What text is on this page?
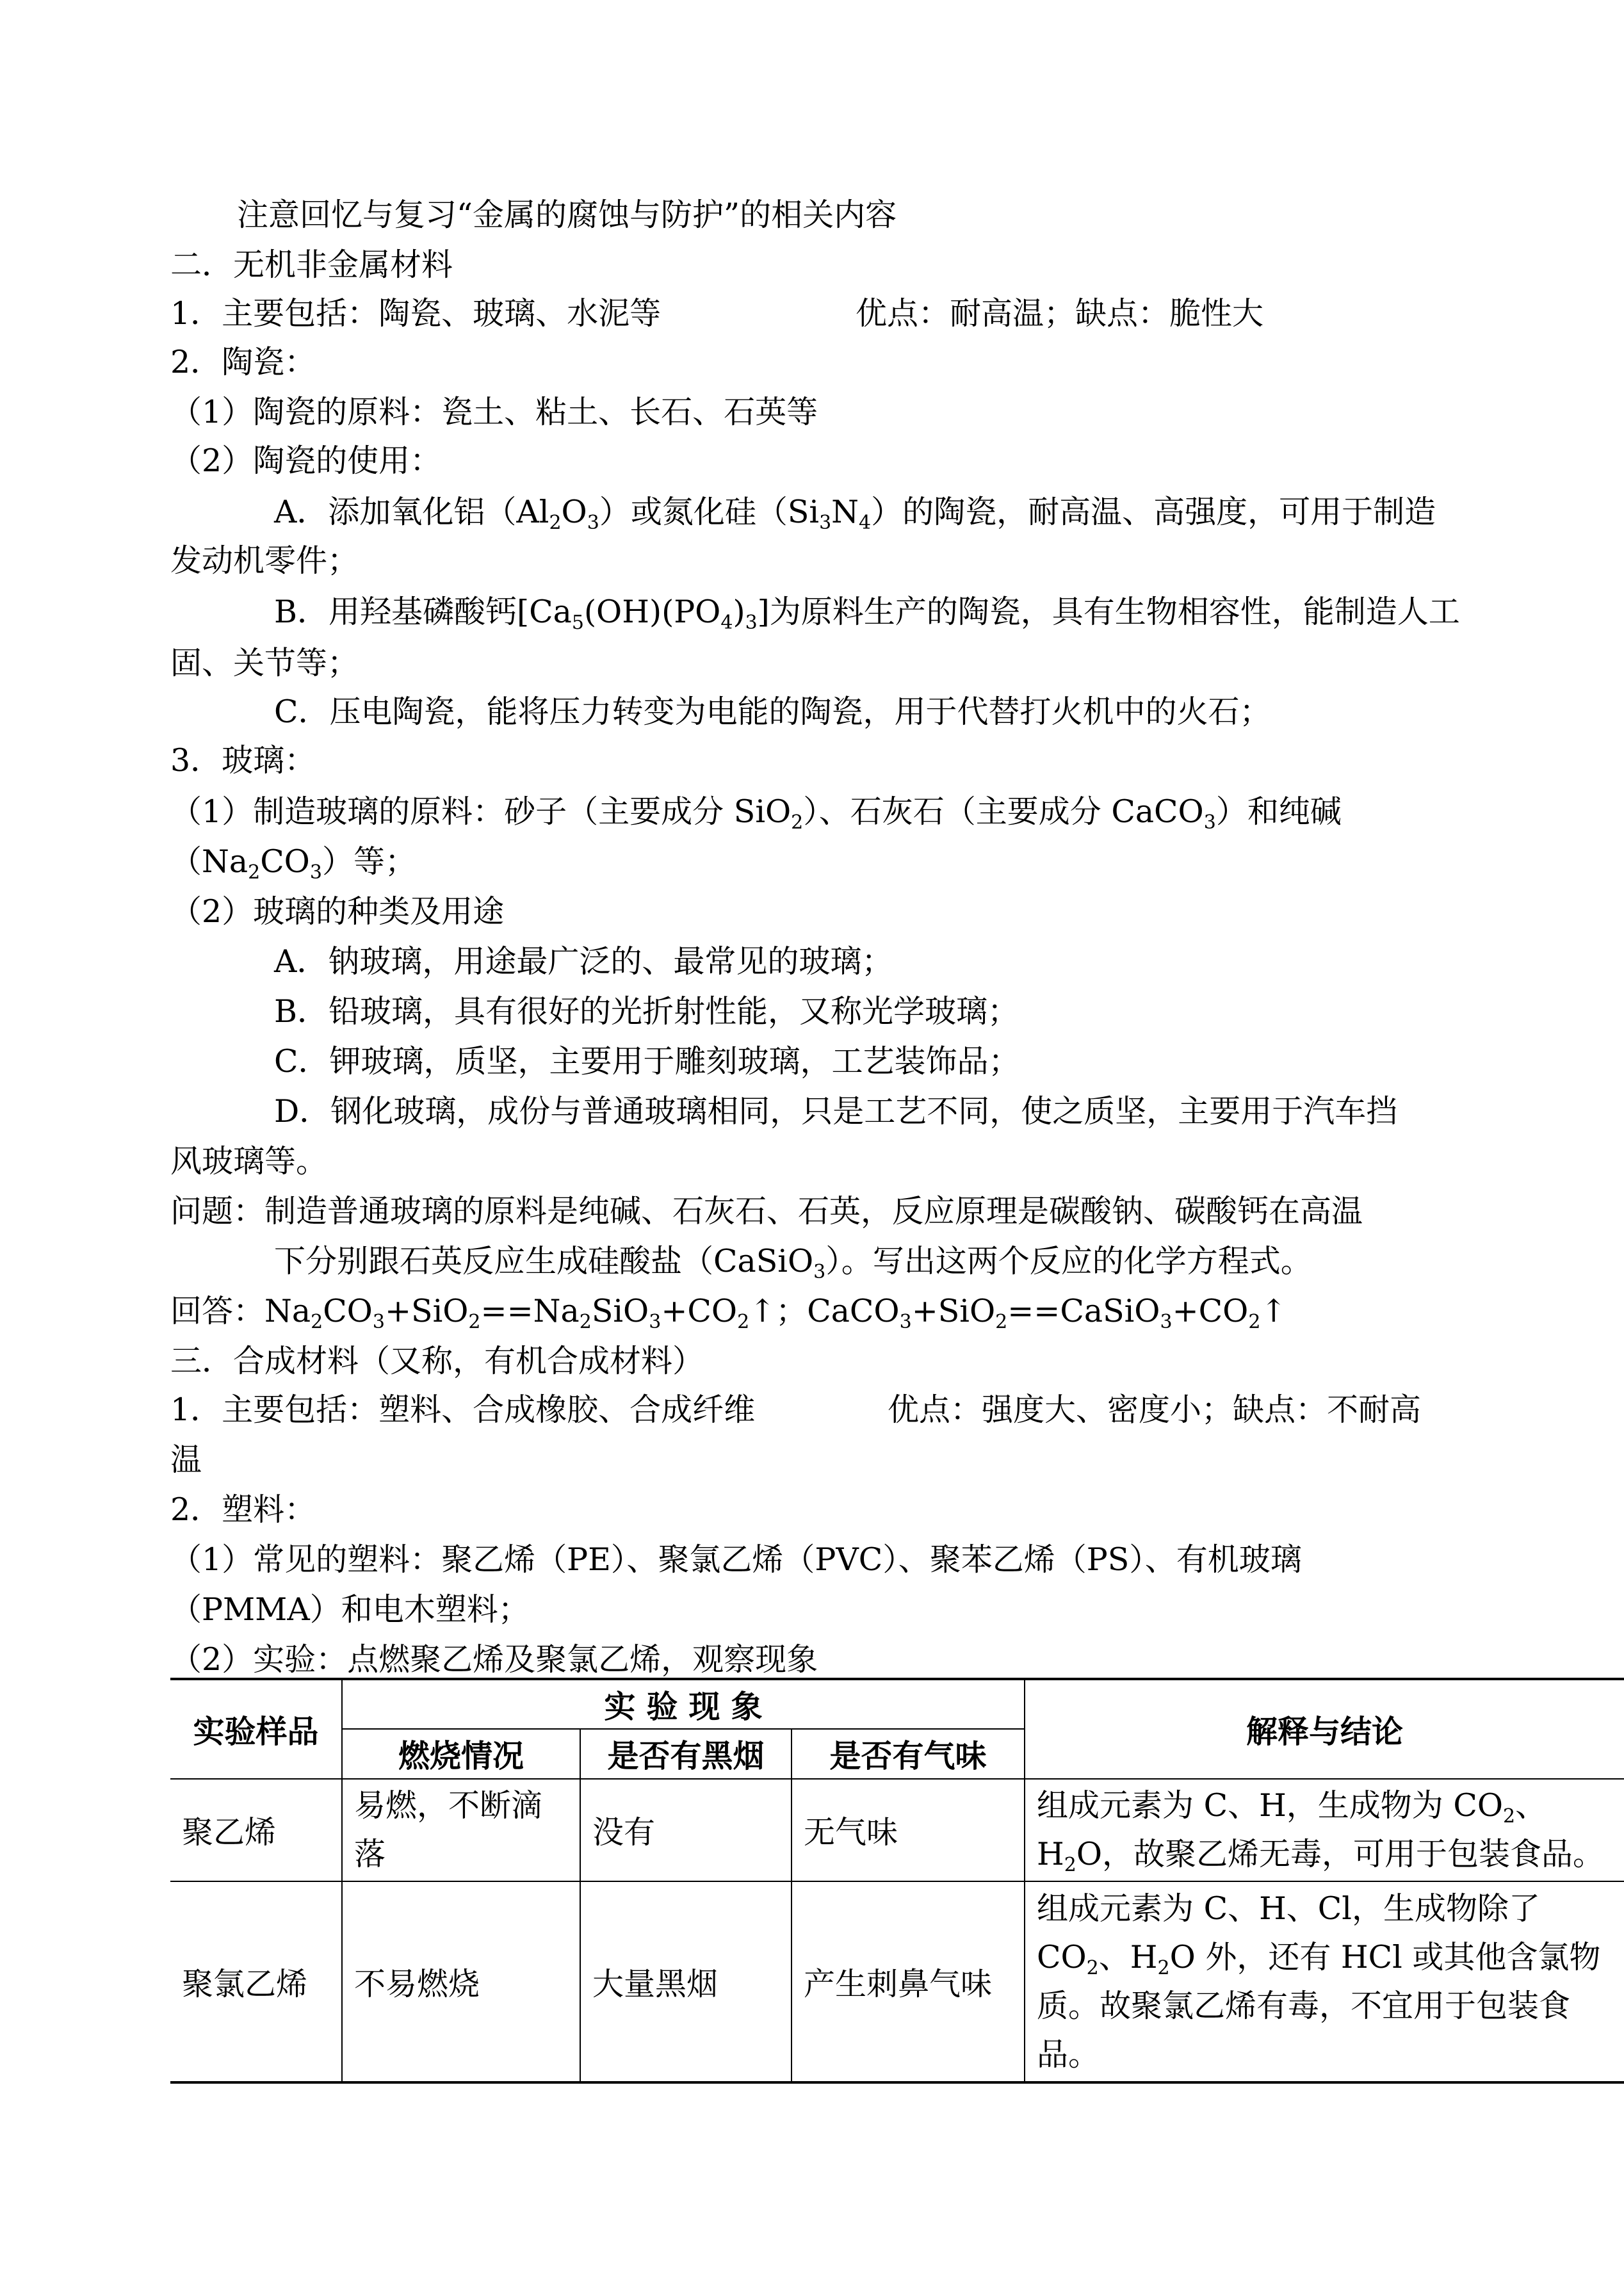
注意回忆与复习“金属的腐蚀与防护”的相关内容
二．无机非金属材料
1．主要包括：陶瓷、玻璃、水泥等	优点：耐高温；缺点：脆性大
2．陶瓷：
（1）陶瓷的原料：瓷土、粘土、长石、石英等
（2）陶瓷的使用：
A．添加氧化铝$(Al_2O_3)$或氮化硅$(Si_3N_4)$的陶瓷，耐高温、高强度，可用于制造
发动机零件；
B．用羟基磷酸钙$[Ca_5(OH)(PO_4)_3]$为原料生产的陶瓷，具有生物相容性，能制造人工
固、关节等；
C．压电陶瓷，能将压力转变为电能的陶瓷，用于代替打火机中的火石；
3．玻璃：
（1）制造玻璃的原料：砂子（主要成分 SiO$_2$）、石灰石（主要成分 CaCO$_3$）和纯碱
$(Na_2CO_3)$等；
（2）玻璃的种类及用途
A．钠玻璃，用途最广泛的、最常见的玻璃；
B．铅玻璃，具有很好的光折射性能，又称光学玻璃；
C．钾玻璃，质坚，主要用于雕刻玻璃，工艺装饰品；
D．钢化玻璃，成份与普通玻璃相同，只是工艺不同，使之质坚，主要用于汽车挡
风玻璃等。
问题：制造普通玻璃的原料是纯碱、石灰石、石英，反应原理是碳酸钠、碳酸钙在高温
下分别跟石英反应生成硅酸盐（CaSiO$_3$）。写出这两个反应的化学方程式。
回答：$Na_2CO_3+SiO_2==Na_2SiO_3+CO_2↑$；$CaCO_3+SiO_2==CaSiO_3+CO_2↑$
三．合成材料（又称，有机合成材料）
1．主要包括：塑料、合成橡胶、合成纤维	优点：强度大、密度小；缺点：不耐高
温
2．塑料：
（1）常见的塑料：聚乙烯（PE）、聚氯乙烯（PVC）、聚苯乙烯（PS）、有机玻璃
（PMMA）和电木塑料；
（2）实验：点燃聚乙烯及聚氯乙烯，观察现象
实验样品	实 验 现 象			解释与结论
	燃烧情况	是否有黑烟	是否有气味	
聚乙烯	易燃，不断滴落	没有	无气味	组成元素为 C、H，生成物为 $CO_2$、$H_2O$，故聚乙烯无毒，可用于包装食品。
聚氯乙烯	不易燃烧	大量黑烟	产生刺鼻气味	组成元素为 C、H、Cl，生成物除了 $CO_2$、$H_2O$ 外，还有 HCl 或其他含氯物质。故聚氯乙烯有毒，不宜用于包装食品。
